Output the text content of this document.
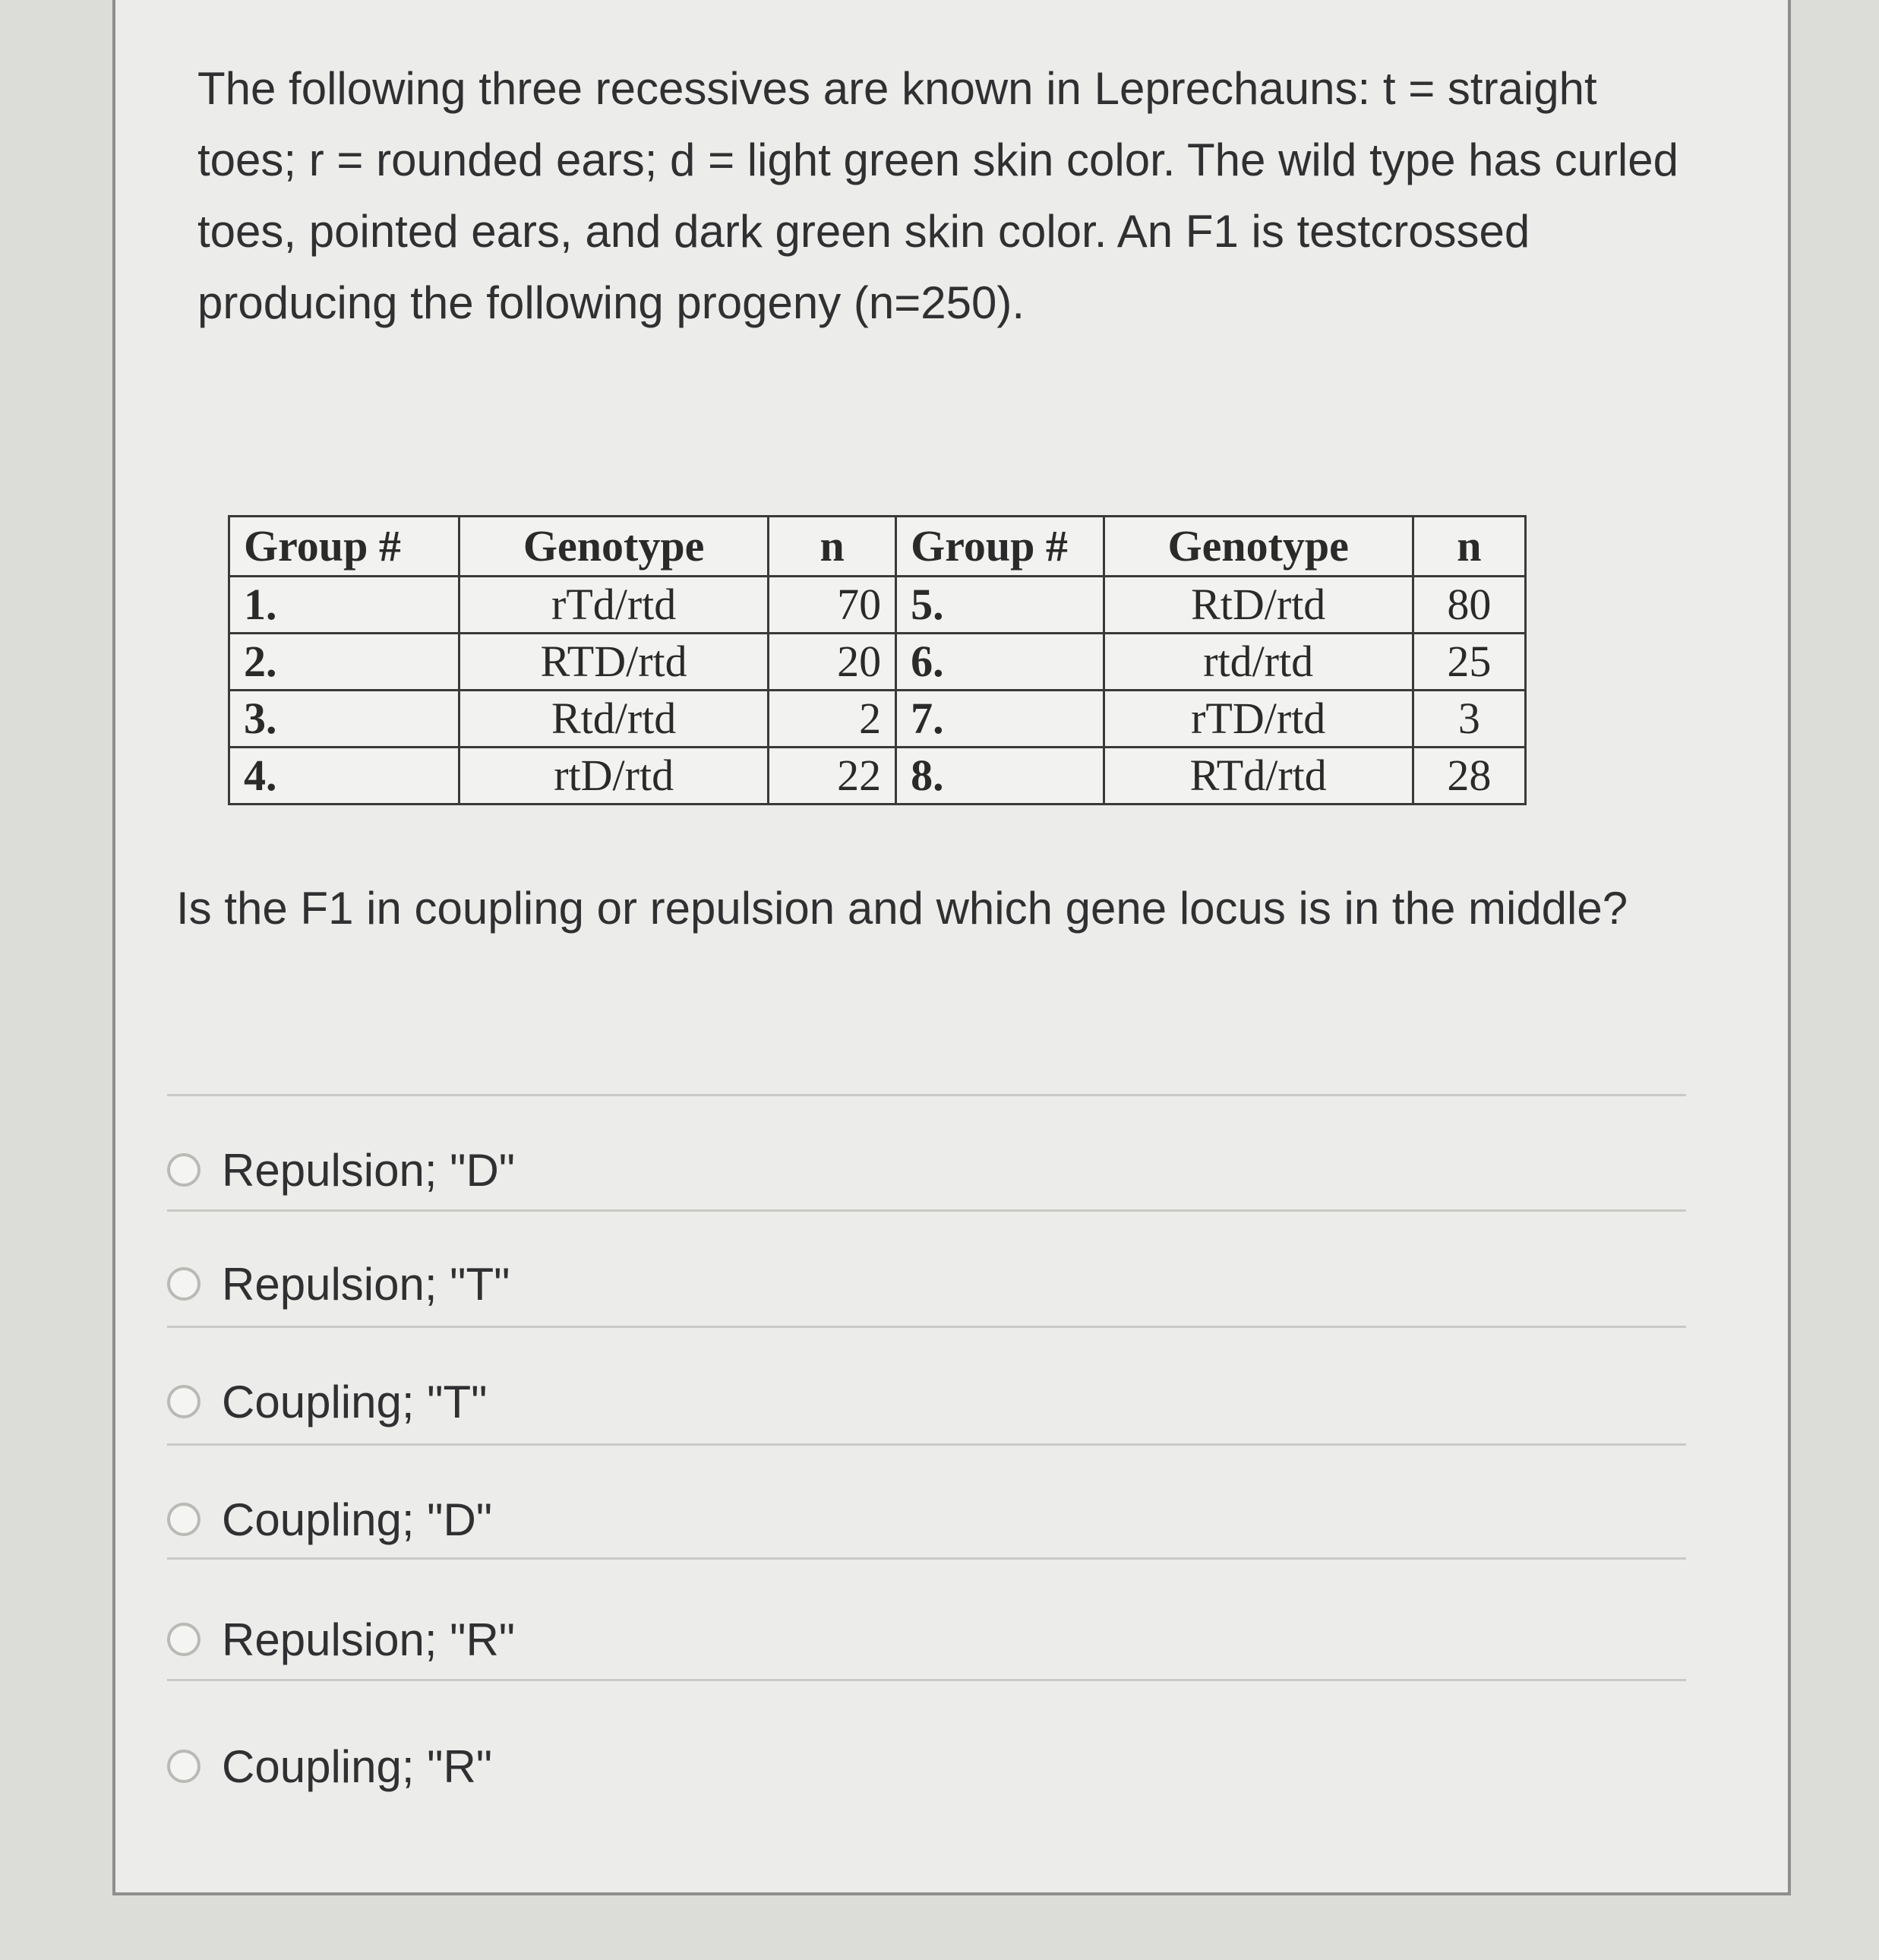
The following three recessives are known in Leprechauns: t = straight toes; r = rounded ears; d = light green skin color. The wild type has curled toes, pointed ears, and dark green skin color. An F1 is testcrossed producing the following progeny (n=250).

Group #	Genotype	n	Group #	Genotype	n
1.	rTd/rtd	70	5.	RtD/rtd	80
2.	RTD/rtd	20	6.	rtd/rtd	25
3.	Rtd/rtd	2	7.	rTD/rtd	3
4.	rtD/rtd	22	8.	RTd/rtd	28

Is the F1 in coupling or repulsion and which gene locus is in the middle?

Repulsion; "D"
Repulsion; "T"
Coupling; "T"
Coupling; "D"
Repulsion; "R"
Coupling; "R"
